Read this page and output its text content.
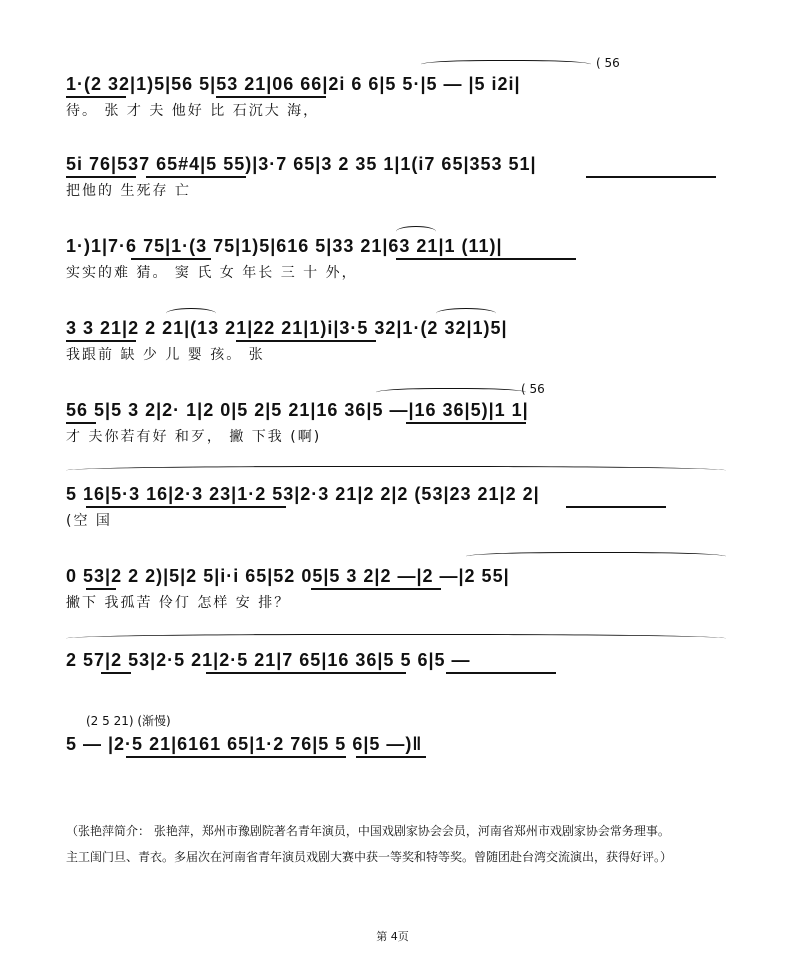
( 56
1·(2 32|1)5|56 5|53 21|06 66|2i 6 6|5 5·|5 — |5 i2i|
待。 张 才 夫 他好 比 石沉大 海，
5i 76|537 65#4|5 55)|3·7 65|3 2 35 1|1(i7 65|353 51|
把他的 生死存 亡
1·)1|7·6 75|1·(3 75|1)5|616 5|33 21|63 21|1 (11)|
实实的难 猜。 窦 氏 女 年长 三 十 外，
3 3 21|2 2 21|(13 21|22 21|1)i|3·5 32|1·(2 32|1)5|
我跟前 缺 少 儿 婴 孩。 张
( 56
56 5|5 3 2|2· 1|2 0|5 2|5 21|16 36|5 —|16 36|5)|1 1|
才 夫你若有好 和歹， 撇 下我 (啊)
5 16|5·3 16|2·3 23|1·2 53|2·3 21|2 2|2 (53|23 21|2 2|
(空 国
0 53|2 2 2)|5|2 5|i·i 65|52 05|5 3 2|2 —|2 —|2 55|
撇下 我孤苦 伶仃 怎样 安 排？
2 57|2 53|2·5 21|2·5 21|7 65|16 36|5 5 6|5 —
(2 5 21) (渐慢)
5 — |2·5 21|6161 65|1·2 76|5 5 6|5 —)‖
（张艳萍简介： 张艳萍，郑州市豫剧院著名青年演员，中国戏剧家协会会员，河南省郑州市戏剧家协会常务理事。
主工闺门旦、青衣。多届次在河南省青年演员戏剧大赛中获一等奖和特等奖。曾随团赴台湾交流演出，获得好评。）
第 4页
